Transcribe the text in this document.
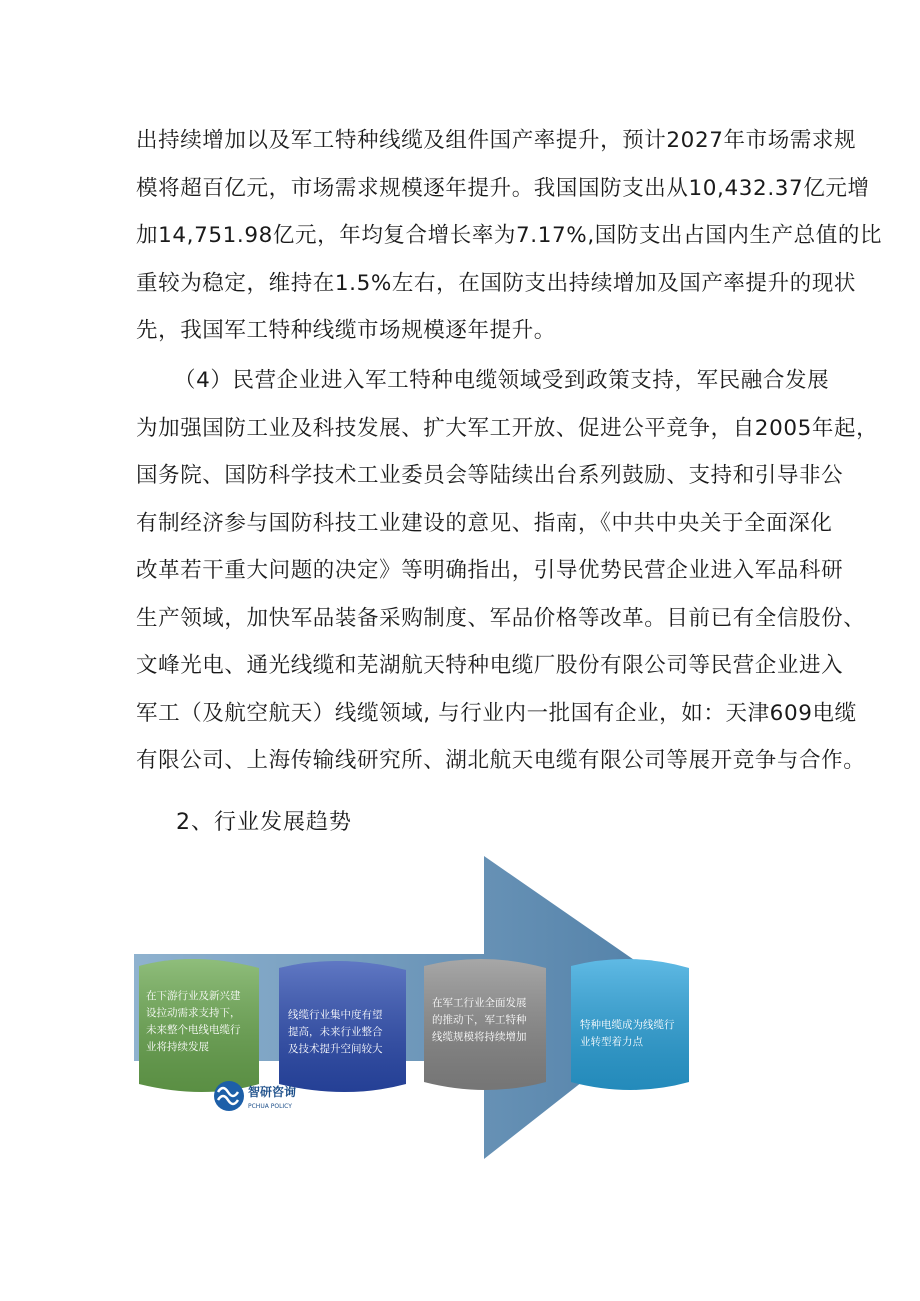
出持续增加以及军工特种线缆及组件国产率提升，预计2027年市场需求规
模将超百亿元，市场需求规模逐年提升。我国国防支出从10,432.37亿元增
加14,751.98亿元，年均复合增长率为7.17%,国防支出占国内生产总值的比
重较为稳定，维持在1.5%左右，在国防支出持续增加及国产率提升的现状
先，我国军工特种线缆市场规模逐年提升。

（4）民营企业进入军工特种电缆领域受到政策支持，军民融合发展
为加强国防工业及科技发展、扩大军工开放、促进公平竞争，自2005年起，
国务院、国防科学技术工业委员会等陆续出台系列鼓励、支持和引导非公
有制经济参与国防科技工业建设的意见、指南，《中共中央关于全面深化
改革若干重大问题的决定》等明确指出，引导优势民营企业进入军品科研
生产领域，加快军品装备采购制度、军品价格等改革。目前已有全信股份、
文峰光电、通光线缆和芜湖航天特种电缆厂股份有限公司等民营企业进入
军工（及航空航天）线缆领域, 与行业内一批国有企业，如：天津609电缆
有限公司、上海传输线研究所、湖北航天电缆有限公司等展开竞争与合作。

2、行业发展趋势
在下游行业及新兴建
设拉动需求支持下，
未来整个电线电缆行
业将持续发展
线缆行业集中度有望
提高，未来行业整合
及技术提升空间较大
在军工行业全面发展
的推动下，军工特种
线缆规模将持续增加
特种电缆成为线缆行
业转型着力点
智研咨询
PCHUA POLICY
